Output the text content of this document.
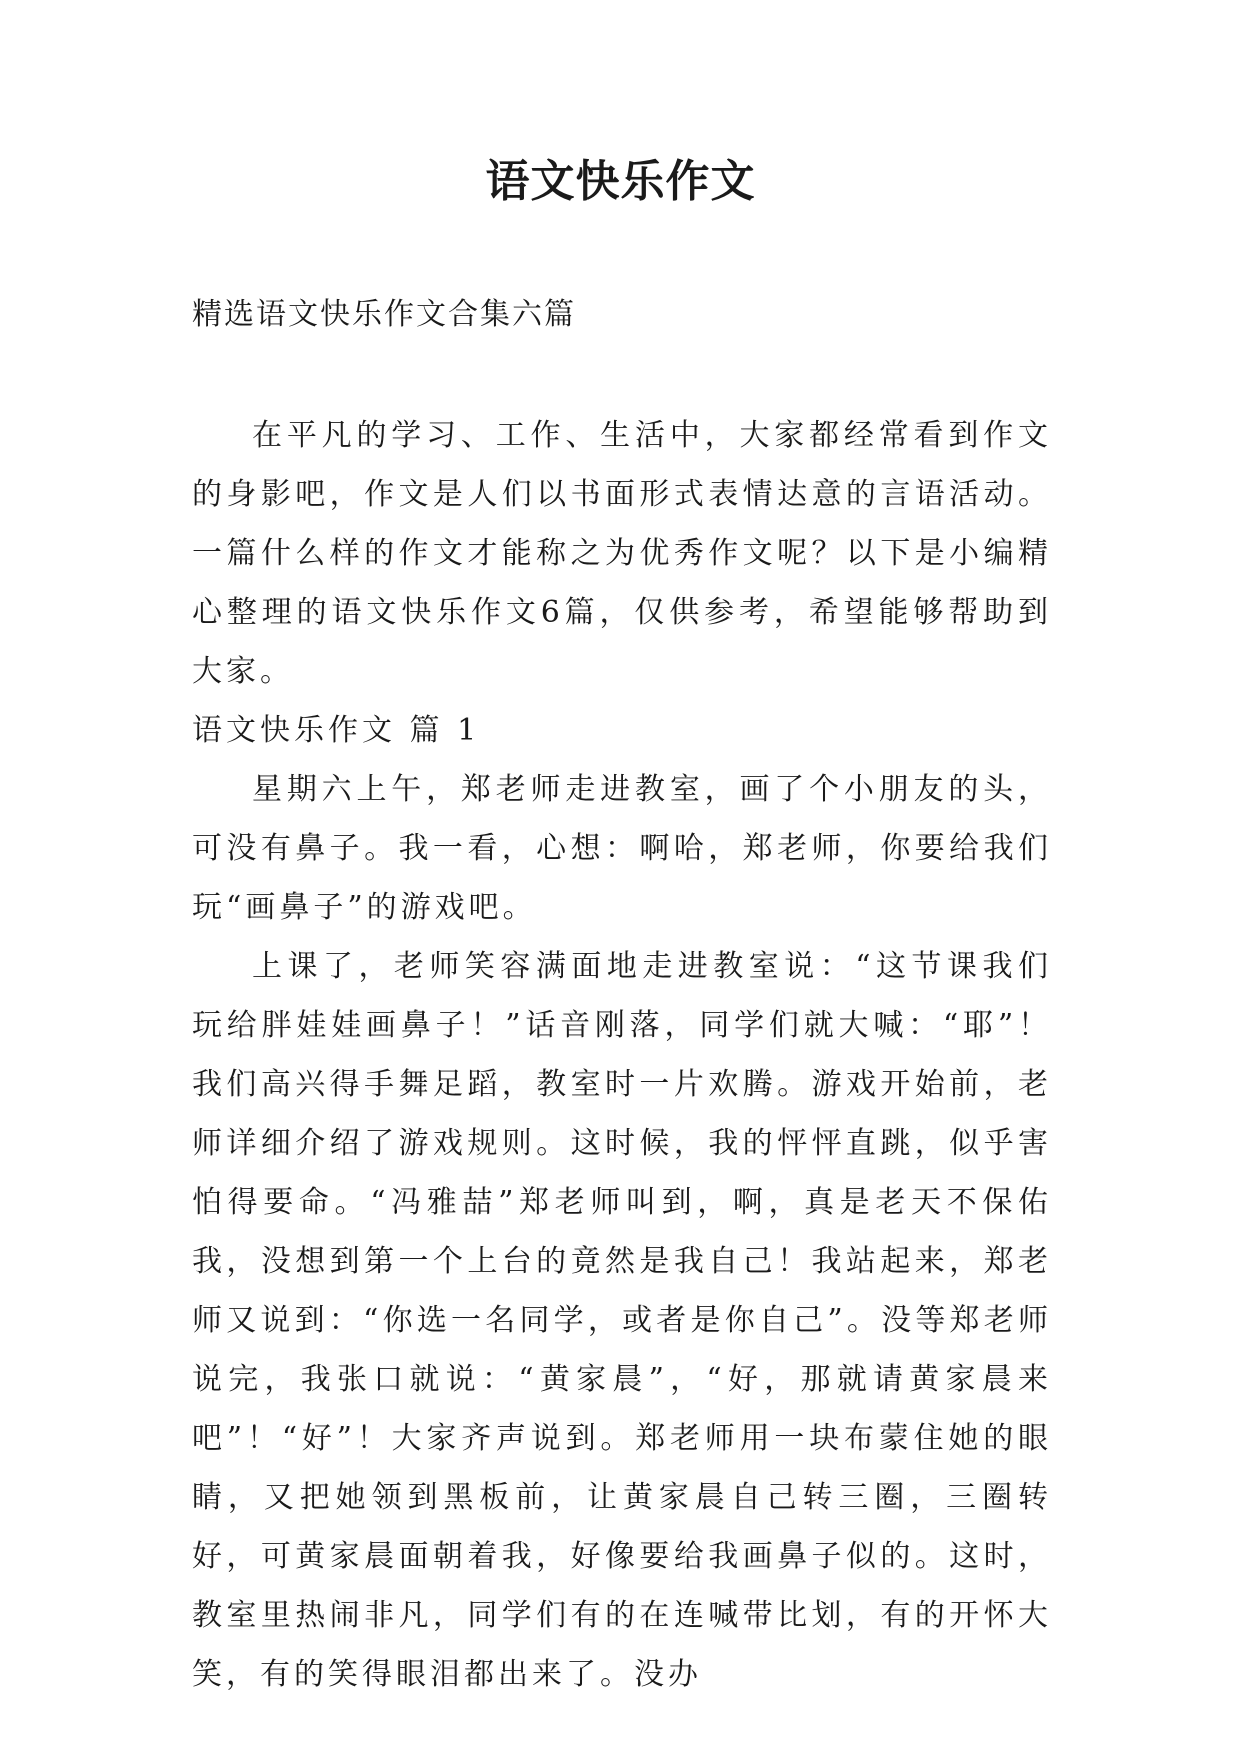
语文快乐作文
精选语文快乐作文合集六篇

在平凡的学习、工作、生活中，大家都经常看到作文的身影吧，作文是人们以书面形式表情达意的言语活动。一篇什么样的作文才能称之为优秀作文呢？以下是小编精心整理的语文快乐作文6篇，仅供参考，希望能够帮助到大家。

语文快乐作文 篇 1

星期六上午，郑老师走进教室，画了个小朋友的头，可没有鼻子。我一看，心想：啊哈，郑老师，你要给我们玩“画鼻子”的游戏吧。

上课了，老师笑容满面地走进教室说：“这节课我们玩给胖娃娃画鼻子！”话音刚落，同学们就大喊：“耶”！我们高兴得手舞足蹈，教室时一片欢腾。游戏开始前，老师详细介绍了游戏规则。这时候，我的怦怦直跳，似乎害怕得要命。“冯雅喆”郑老师叫到，啊，真是老天不保佑我，没想到第一个上台的竟然是我自己！我站起来，郑老师又说到：“你选一名同学，或者是你自己”。没等郑老师说完，我张口就说：“黄家晨”，“好，那就请黄家晨来吧”！“好”！大家齐声说到。郑老师用一块布蒙住她的眼睛，又把她领到黑板前，让黄家晨自己转三圈，三圈转好，可黄家晨面朝着我，好像要给我画鼻子似的。这时，教室里热闹非凡，同学们有的在连喊带比划，有的开怀大笑，有的笑得眼泪都出来了。没办
